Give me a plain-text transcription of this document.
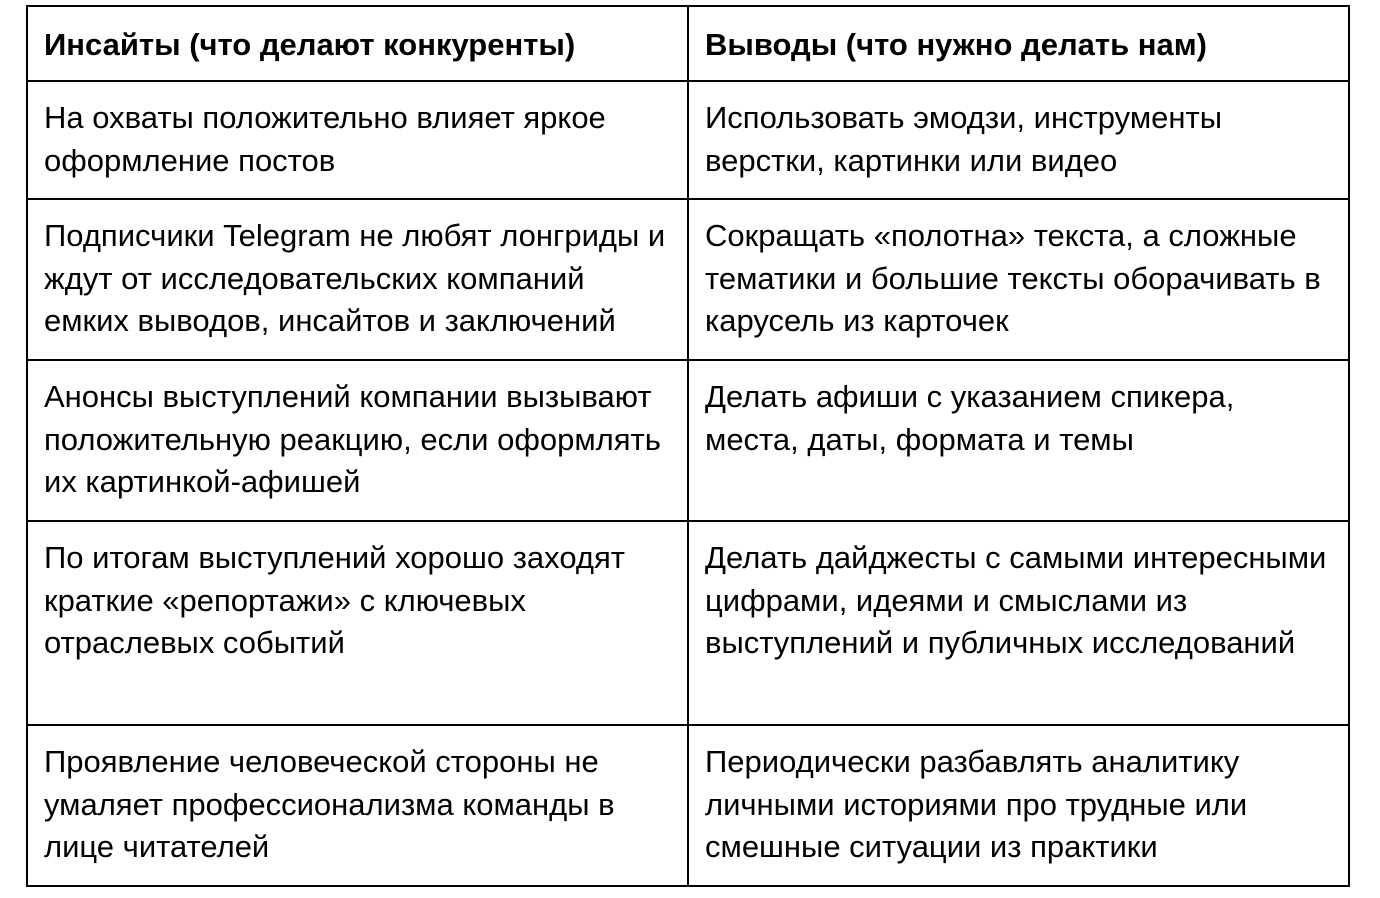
Инсайты (что делают конкуренты)	Выводы (что нужно делать нам)
На охваты положительно влияет яркое оформление постов	Использовать эмодзи, инструменты верстки, картинки или видео
Подписчики Telegram не любят лонгриды и ждут от исследовательских компаний емких выводов, инсайтов и заключений	Сокращать «полотна» текста, а сложные тематики и большие тексты оборачивать в карусель из карточек
Анонсы выступлений компании вызывают положительную реакцию, если оформлять их картинкой-афишей	Делать афиши с указанием спикера, места, даты, формата и темы
По итогам выступлений хорошо заходят краткие «репортажи» с ключевых отраслевых событий	Делать дайджесты с самыми интересными цифрами, идеями и смыслами из выступлений и публичных исследований
Проявление человеческой стороны не умаляет профессионализма команды в лице читателей	Периодически разбавлять аналитику личными историями про трудные или смешные ситуации из практики
